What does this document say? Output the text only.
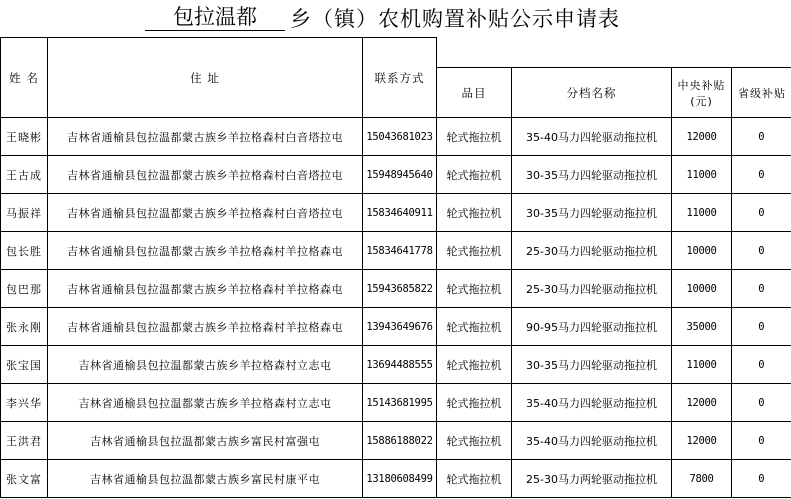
包拉温都	乡（镇）农机购置补贴公示申请表
姓 名	住 址	联系方式				
			品目	分档名称	中央补贴(元)	省级补贴
王晓彬	吉林省通榆县包拉温都蒙古族乡羊拉格森村白音塔拉屯	15043681023	轮式拖拉机	35-40马力四轮驱动拖拉机	12000	0
王古成	吉林省通榆县包拉温都蒙古族乡羊拉格森村白音塔拉屯	15948945640	轮式拖拉机	30-35马力四轮驱动拖拉机	11000	0
马振祥	吉林省通榆县包拉温都蒙古族乡羊拉格森村白音塔拉屯	15834640911	轮式拖拉机	30-35马力四轮驱动拖拉机	11000	0
包长胜	吉林省通榆县包拉温都蒙古族乡羊拉格森村羊拉格森屯	15834641778	轮式拖拉机	25-30马力四轮驱动拖拉机	10000	0
包巴那	吉林省通榆县包拉温都蒙古族乡羊拉格森村羊拉格森屯	15943685822	轮式拖拉机	25-30马力四轮驱动拖拉机	10000	0
张永刚	吉林省通榆县包拉温都蒙古族乡羊拉格森村羊拉格森屯	13943649676	轮式拖拉机	90-95马力四轮驱动拖拉机	35000	0
张宝国	吉林省通榆县包拉温都蒙古族乡羊拉格森村立志屯	13694488555	轮式拖拉机	30-35马力四轮驱动拖拉机	11000	0
李兴华	吉林省通榆县包拉温都蒙古族乡羊拉格森村立志屯	15143681995	轮式拖拉机	35-40马力四轮驱动拖拉机	12000	0
王洪君	吉林省通榆县包拉温都蒙古族乡富民村富强屯	15886188022	轮式拖拉机	35-40马力四轮驱动拖拉机	12000	0
张文富	吉林省通榆县包拉温都蒙古族乡富民村康平屯	13180608499	轮式拖拉机	25-30马力两轮驱动拖拉机	7800	0
